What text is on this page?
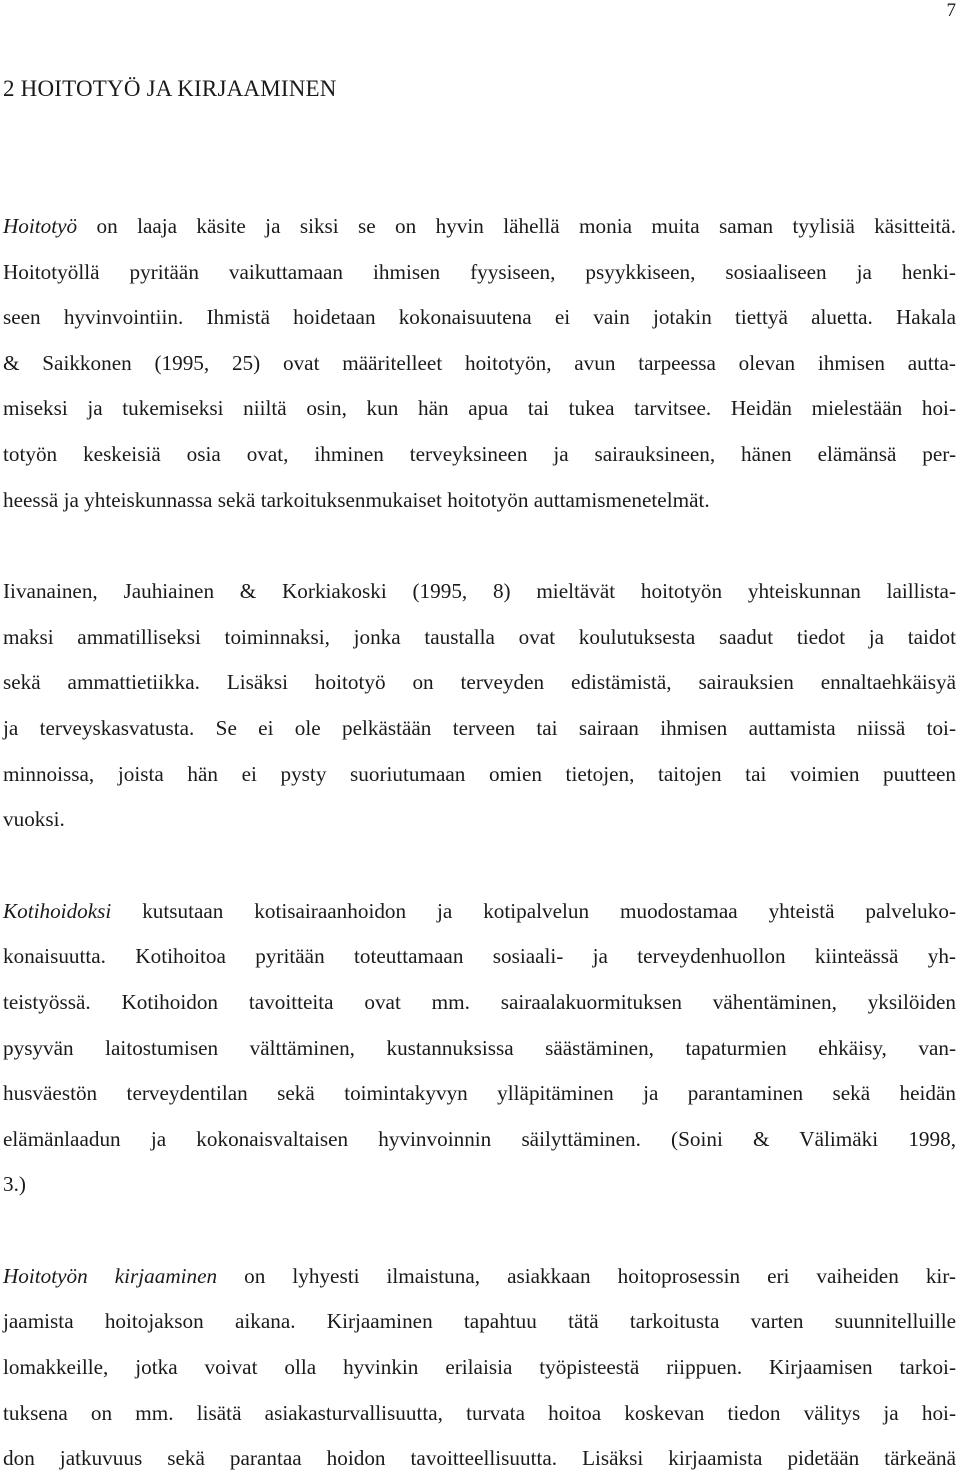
7
2 HOITOTYÖ JA KIRJAAMINEN

Hoitotyö on laaja käsite ja siksi se on hyvin lähellä monia muita saman tyylisiä käsitteitä.
Hoitotyöllä pyritään vaikuttamaan ihmisen fyysiseen, psyykkiseen, sosiaaliseen ja henki-
seen hyvinvointiin. Ihmistä hoidetaan kokonaisuutena ei vain jotakin tiettyä aluetta. Hakala
& Saikkonen (1995, 25) ovat määritelleet hoitotyön, avun tarpeessa olevan ihmisen autta-
miseksi ja tukemiseksi niiltä osin, kun hän apua tai tukea tarvitsee. Heidän mielestään hoi-
totyön keskeisiä osia ovat, ihminen terveyksineen ja sairauksineen, hänen elämänsä per-
heessä ja yhteiskunnassa sekä tarkoituksenmukaiset hoitotyön auttamismenetelmät.

Iivanainen, Jauhiainen & Korkiakoski (1995, 8) mieltävät hoitotyön yhteiskunnan laillista-
maksi ammatilliseksi toiminnaksi, jonka taustalla ovat koulutuksesta saadut tiedot ja taidot
sekä ammattietiikka. Lisäksi hoitotyö on terveyden edistämistä, sairauksien ennaltaehkäisyä
ja terveyskasvatusta. Se ei ole pelkästään terveen tai sairaan ihmisen auttamista niissä toi-
minnoissa, joista hän ei pysty suoriutumaan omien tietojen, taitojen tai voimien puutteen
vuoksi.

Kotihoidoksi kutsutaan kotisairaanhoidon ja kotipalvelun muodostamaa yhteistä palveluko-
konaisuutta. Kotihoitoa pyritään toteuttamaan sosiaali- ja terveydenhuollon kiinteässä yh-
teistyössä. Kotihoidon tavoitteita ovat mm. sairaalakuormituksen vähentäminen, yksilöiden
pysyvän laitostumisen välttäminen, kustannuksissa säästäminen, tapaturmien ehkäisy, van-
husväestön terveydentilan sekä toimintakyvyn ylläpitäminen ja parantaminen sekä heidän
elämänlaadun ja kokonaisvaltaisen hyvinvoinnin säilyttäminen. (Soini & Välimäki 1998,
3.)

Hoitotyön kirjaaminen on lyhyesti ilmaistuna, asiakkaan hoitoprosessin eri vaiheiden kir-
jaamista hoitojakson aikana. Kirjaaminen tapahtuu tätä tarkoitusta varten suunnitelluille
lomakkeille, jotka voivat olla hyvinkin erilaisia työpisteestä riippuen. Kirjaamisen tarkoi-
tuksena on mm. lisätä asiakasturvallisuutta, turvata hoitoa koskevan tiedon välitys ja hoi-
don jatkuvuus sekä parantaa hoidon tavoitteellisuutta. Lisäksi kirjaamista pidetään tärkeänä
